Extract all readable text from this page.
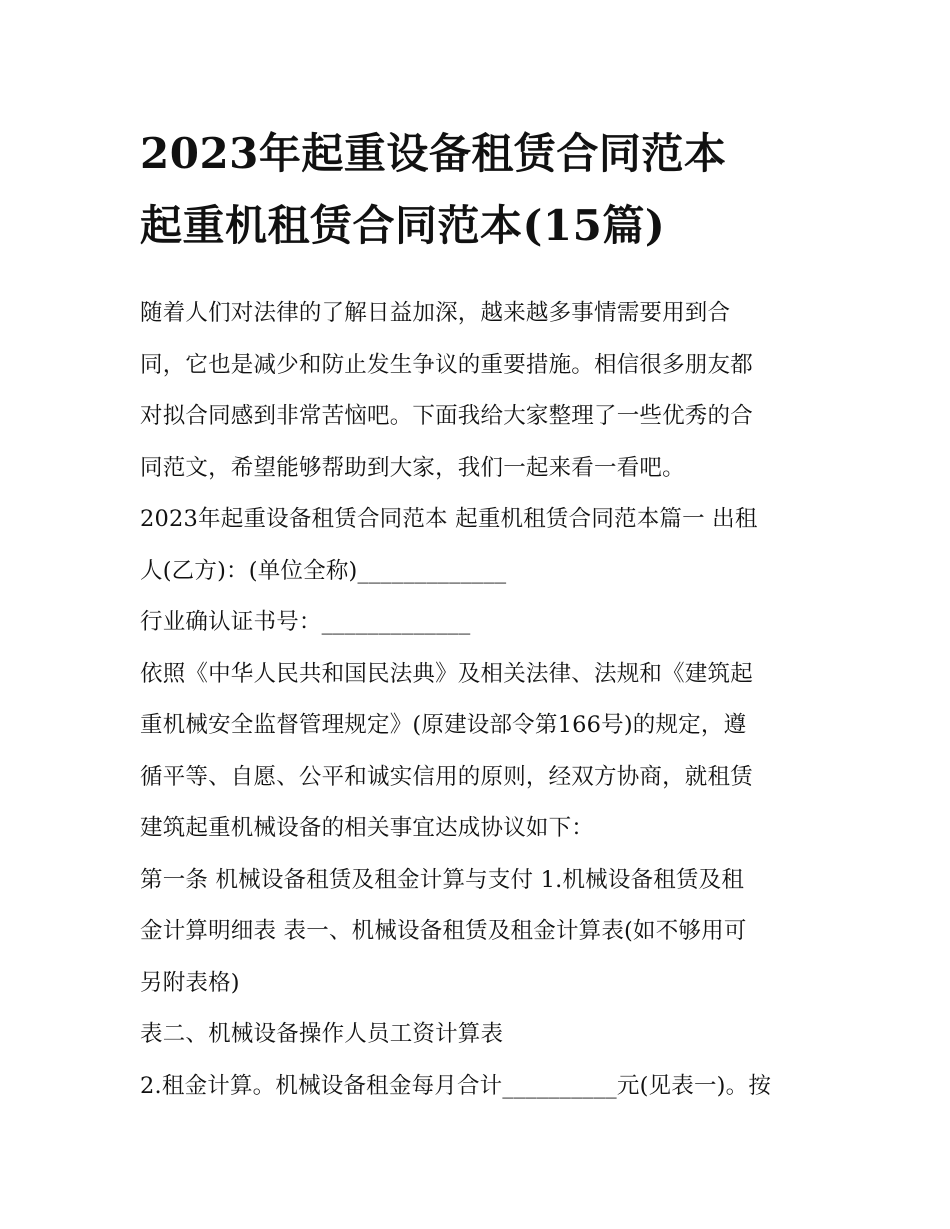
2023年起重设备租赁合同范本
起重机租赁合同范本(15篇)

随着人们对法律的了解日益加深，越来越多事情需要用到合
同，它也是减少和防止发生争议的重要措施。相信很多朋友都
对拟合同感到非常苦恼吧。下面我给大家整理了一些优秀的合
同范文，希望能够帮助到大家，我们一起来看一看吧。

2023年起重设备租赁合同范本 起重机租赁合同范本篇一 出租
人(乙方)：(单位全称)_____________

行业确认证书号：_____________

依照《中华人民共和国民法典》及相关法律、法规和《建筑起
重机械安全监督管理规定》(原建设部令第166号)的规定，遵
循平等、自愿、公平和诚实信用的原则，经双方协商，就租赁
建筑起重机械设备的相关事宜达成协议如下：

第一条 机械设备租赁及租金计算与支付 1.机械设备租赁及租
金计算明细表 表一、机械设备租赁及租金计算表(如不够用可
另附表格)

表二、机械设备操作人员工资计算表

2.租金计算。机械设备租金每月合计__________元(见表一)。按
